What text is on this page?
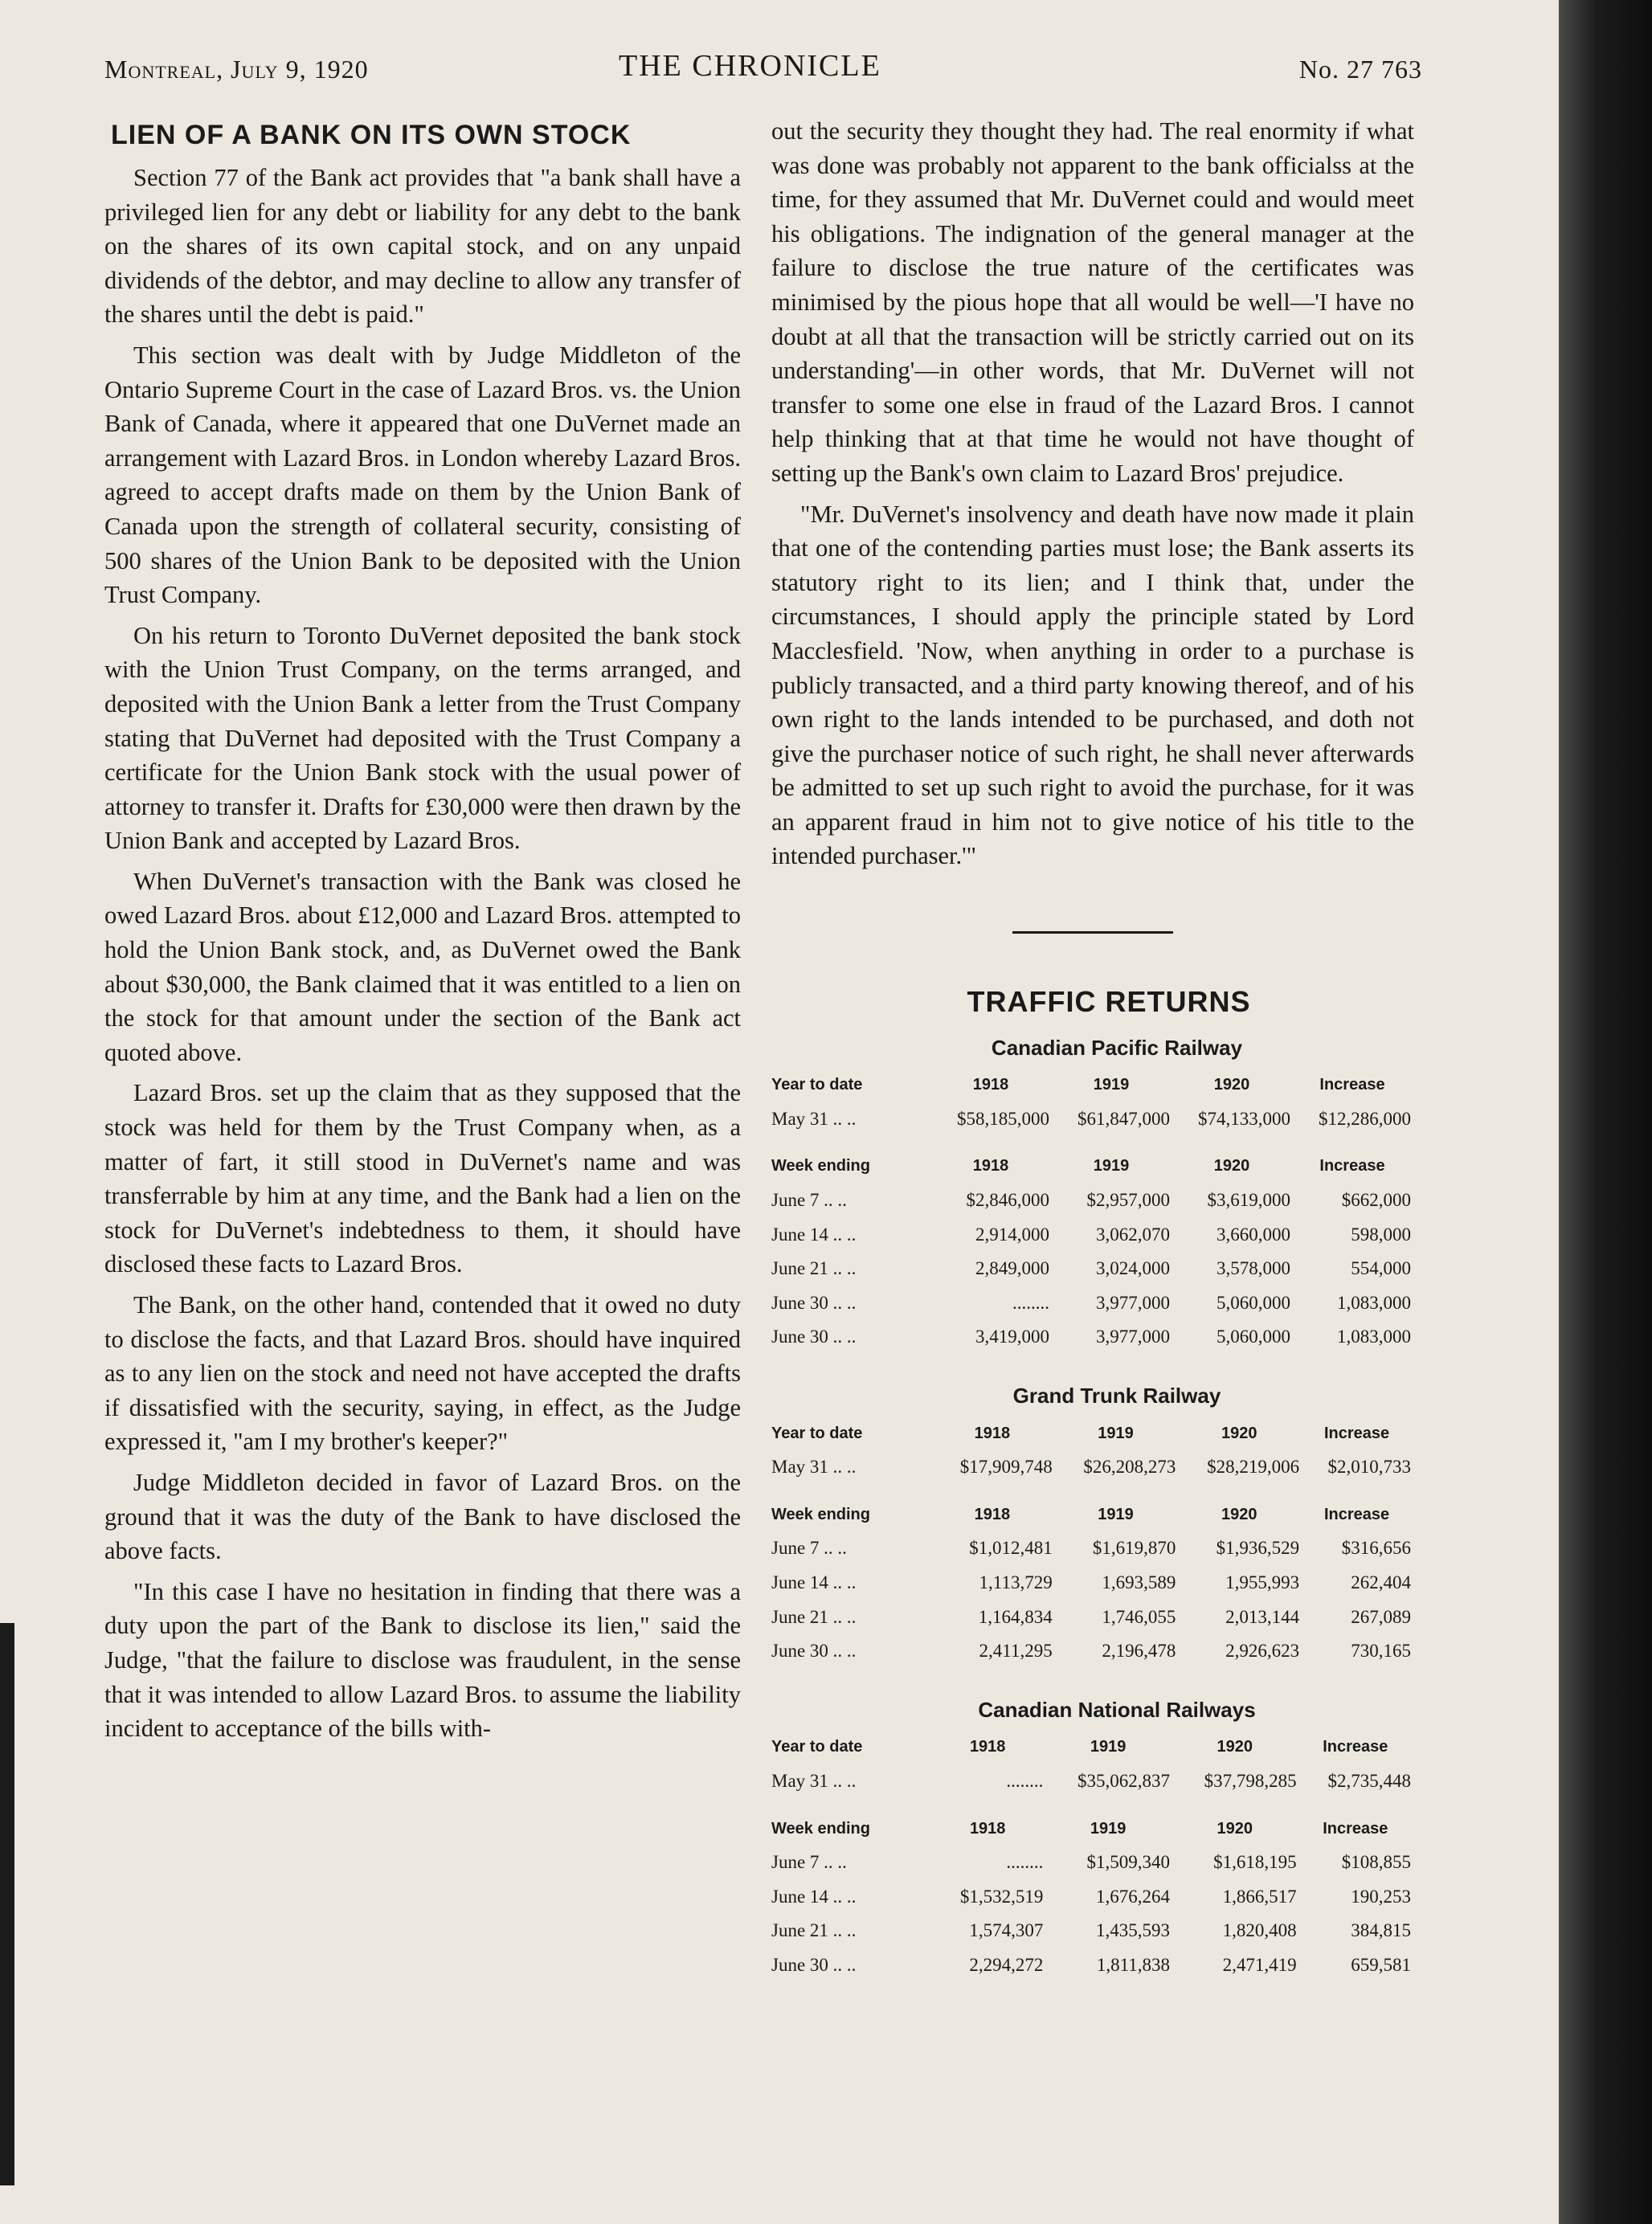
Montreal, July 9, 1920	THE CHRONICLE	No. 27 763
LIEN OF A BANK ON ITS OWN STOCK

Section 77 of the Bank act provides that "a bank shall have a privileged lien for any debt or liability for any debt to the bank on the shares of its own capital stock, and on any unpaid dividends of the debtor, and may decline to allow any transfer of the shares until the debt is paid."

This section was dealt with by Judge Middleton of the Ontario Supreme Court in the case of Lazard Bros. vs. the Union Bank of Canada, where it appeared that one DuVernet made an arrangement with Lazard Bros. in London whereby Lazard Bros. agreed to accept drafts made on them by the Union Bank of Canada upon the strength of collateral security, consisting of 500 shares of the Union Bank to be deposited with the Union Trust Company.

On his return to Toronto DuVernet deposited the bank stock with the Union Trust Company, on the terms arranged, and deposited with the Union Bank a letter from the Trust Company stating that DuVernet had deposited with the Trust Company a certificate for the Union Bank stock with the usual power of attorney to transfer it. Drafts for £30,000 were then drawn by the Union Bank and accepted by Lazard Bros.

When DuVernet's transaction with the Bank was closed he owed Lazard Bros. about £12,000 and Lazard Bros. attempted to hold the Union Bank stock, and, as DuVernet owed the Bank about $30,000, the Bank claimed that it was entitled to a lien on the stock for that amount under the section of the Bank act quoted above.

Lazard Bros. set up the claim that as they supposed that the stock was held for them by the Trust Company when, as a matter of fart, it still stood in DuVernet's name and was transferrable by him at any time, and the Bank had a lien on the stock for DuVernet's indebtedness to them, it should have disclosed these facts to Lazard Bros.

The Bank, on the other hand, contended that it owed no duty to disclose the facts, and that Lazard Bros. should have inquired as to any lien on the stock and need not have accepted the drafts if dissatisfied with the security, saying, in effect, as the Judge expressed it, "am I my brother's keeper?"

Judge Middleton decided in favor of Lazard Bros. on the ground that it was the duty of the Bank to have disclosed the above facts.

"In this case I have no hesitation in finding that there was a duty upon the part of the Bank to disclose its lien," said the Judge, "that the failure to disclose was fraudulent, in the sense that it was intended to allow Lazard Bros. to assume the liability incident to acceptance of the bills with-

out the security they thought they had. The real enormity if what was done was probably not apparent to the bank officialss at the time, for they assumed that Mr. DuVernet could and would meet his obligations. The indignation of the general manager at the failure to disclose the true nature of the certificates was minimised by the pious hope that all would be well—'I have no doubt at all that the transaction will be strictly carried out on its understanding'—in other words, that Mr. DuVernet will not transfer to some one else in fraud of the Lazard Bros. I cannot help thinking that at that time he would not have thought of setting up the Bank's own claim to Lazard Bros' prejudice.

"Mr. DuVernet's insolvency and death have now made it plain that one of the contending parties must lose; the Bank asserts its statutory right to its lien; and I think that, under the circumstances, I should apply the principle stated by Lord Macclesfield. 'Now, when anything in order to a purchase is publicly transacted, and a third party knowing thereof, and of his own right to the lands intended to be purchased, and doth not give the purchaser notice of such right, he shall never afterwards be admitted to set up such right to avoid the purchase, for it was an apparent fraud in him not to give notice of his title to the intended purchaser.'"

TRAFFIC RETURNS
Canadian Pacific Railway
Year to date	1918	1919	1920	Increase
May 31 .. ..	$58,185,000	$61,847,000	$74,133,000	$12,286,000

Week ending	1918	1919	1920	Increase
June 7 .. ..	$2,846,000	$2,957,000	$3,619,000	$662,000
June 14 .. ..	2,914,000	3,062,070	3,660,000	598,000
June 21 .. ..	2,849,000	3,024,000	3,578,000	554,000
June 30 .. ..	........	3,977,000	5,060,000	1,083,000
June 30 .. ..	3,419,000	3,977,000	5,060,000	1,083,000
Grand Trunk Railway
Year to date	1918	1919	1920	Increase
May 31 .. ..	$17,909,748	$26,208,273	$28,219,006	$2,010,733

Week ending	1918	1919	1920	Increase
June 7 .. ..	$1,012,481	$1,619,870	$1,936,529	$316,656
June 14 .. ..	1,113,729	1,693,589	1,955,993	262,404
June 21 .. ..	1,164,834	1,746,055	2,013,144	267,089
June 30 .. ..	2,411,295	2,196,478	2,926,623	730,165
Canadian National Railways
Year to date	1918	1919	1920	Increase
May 31 .. ..	........	$35,062,837	$37,798,285	$2,735,448

Week ending	1918	1919	1920	Increase
June 7 .. ..	........	$1,509,340	$1,618,195	$108,855
June 14 .. ..	$1,532,519	1,676,264	1,866,517	190,253
June 21 .. ..	1,574,307	1,435,593	1,820,408	384,815
June 30 .. ..	2,294,272	1,811,838	2,471,419	659,581
